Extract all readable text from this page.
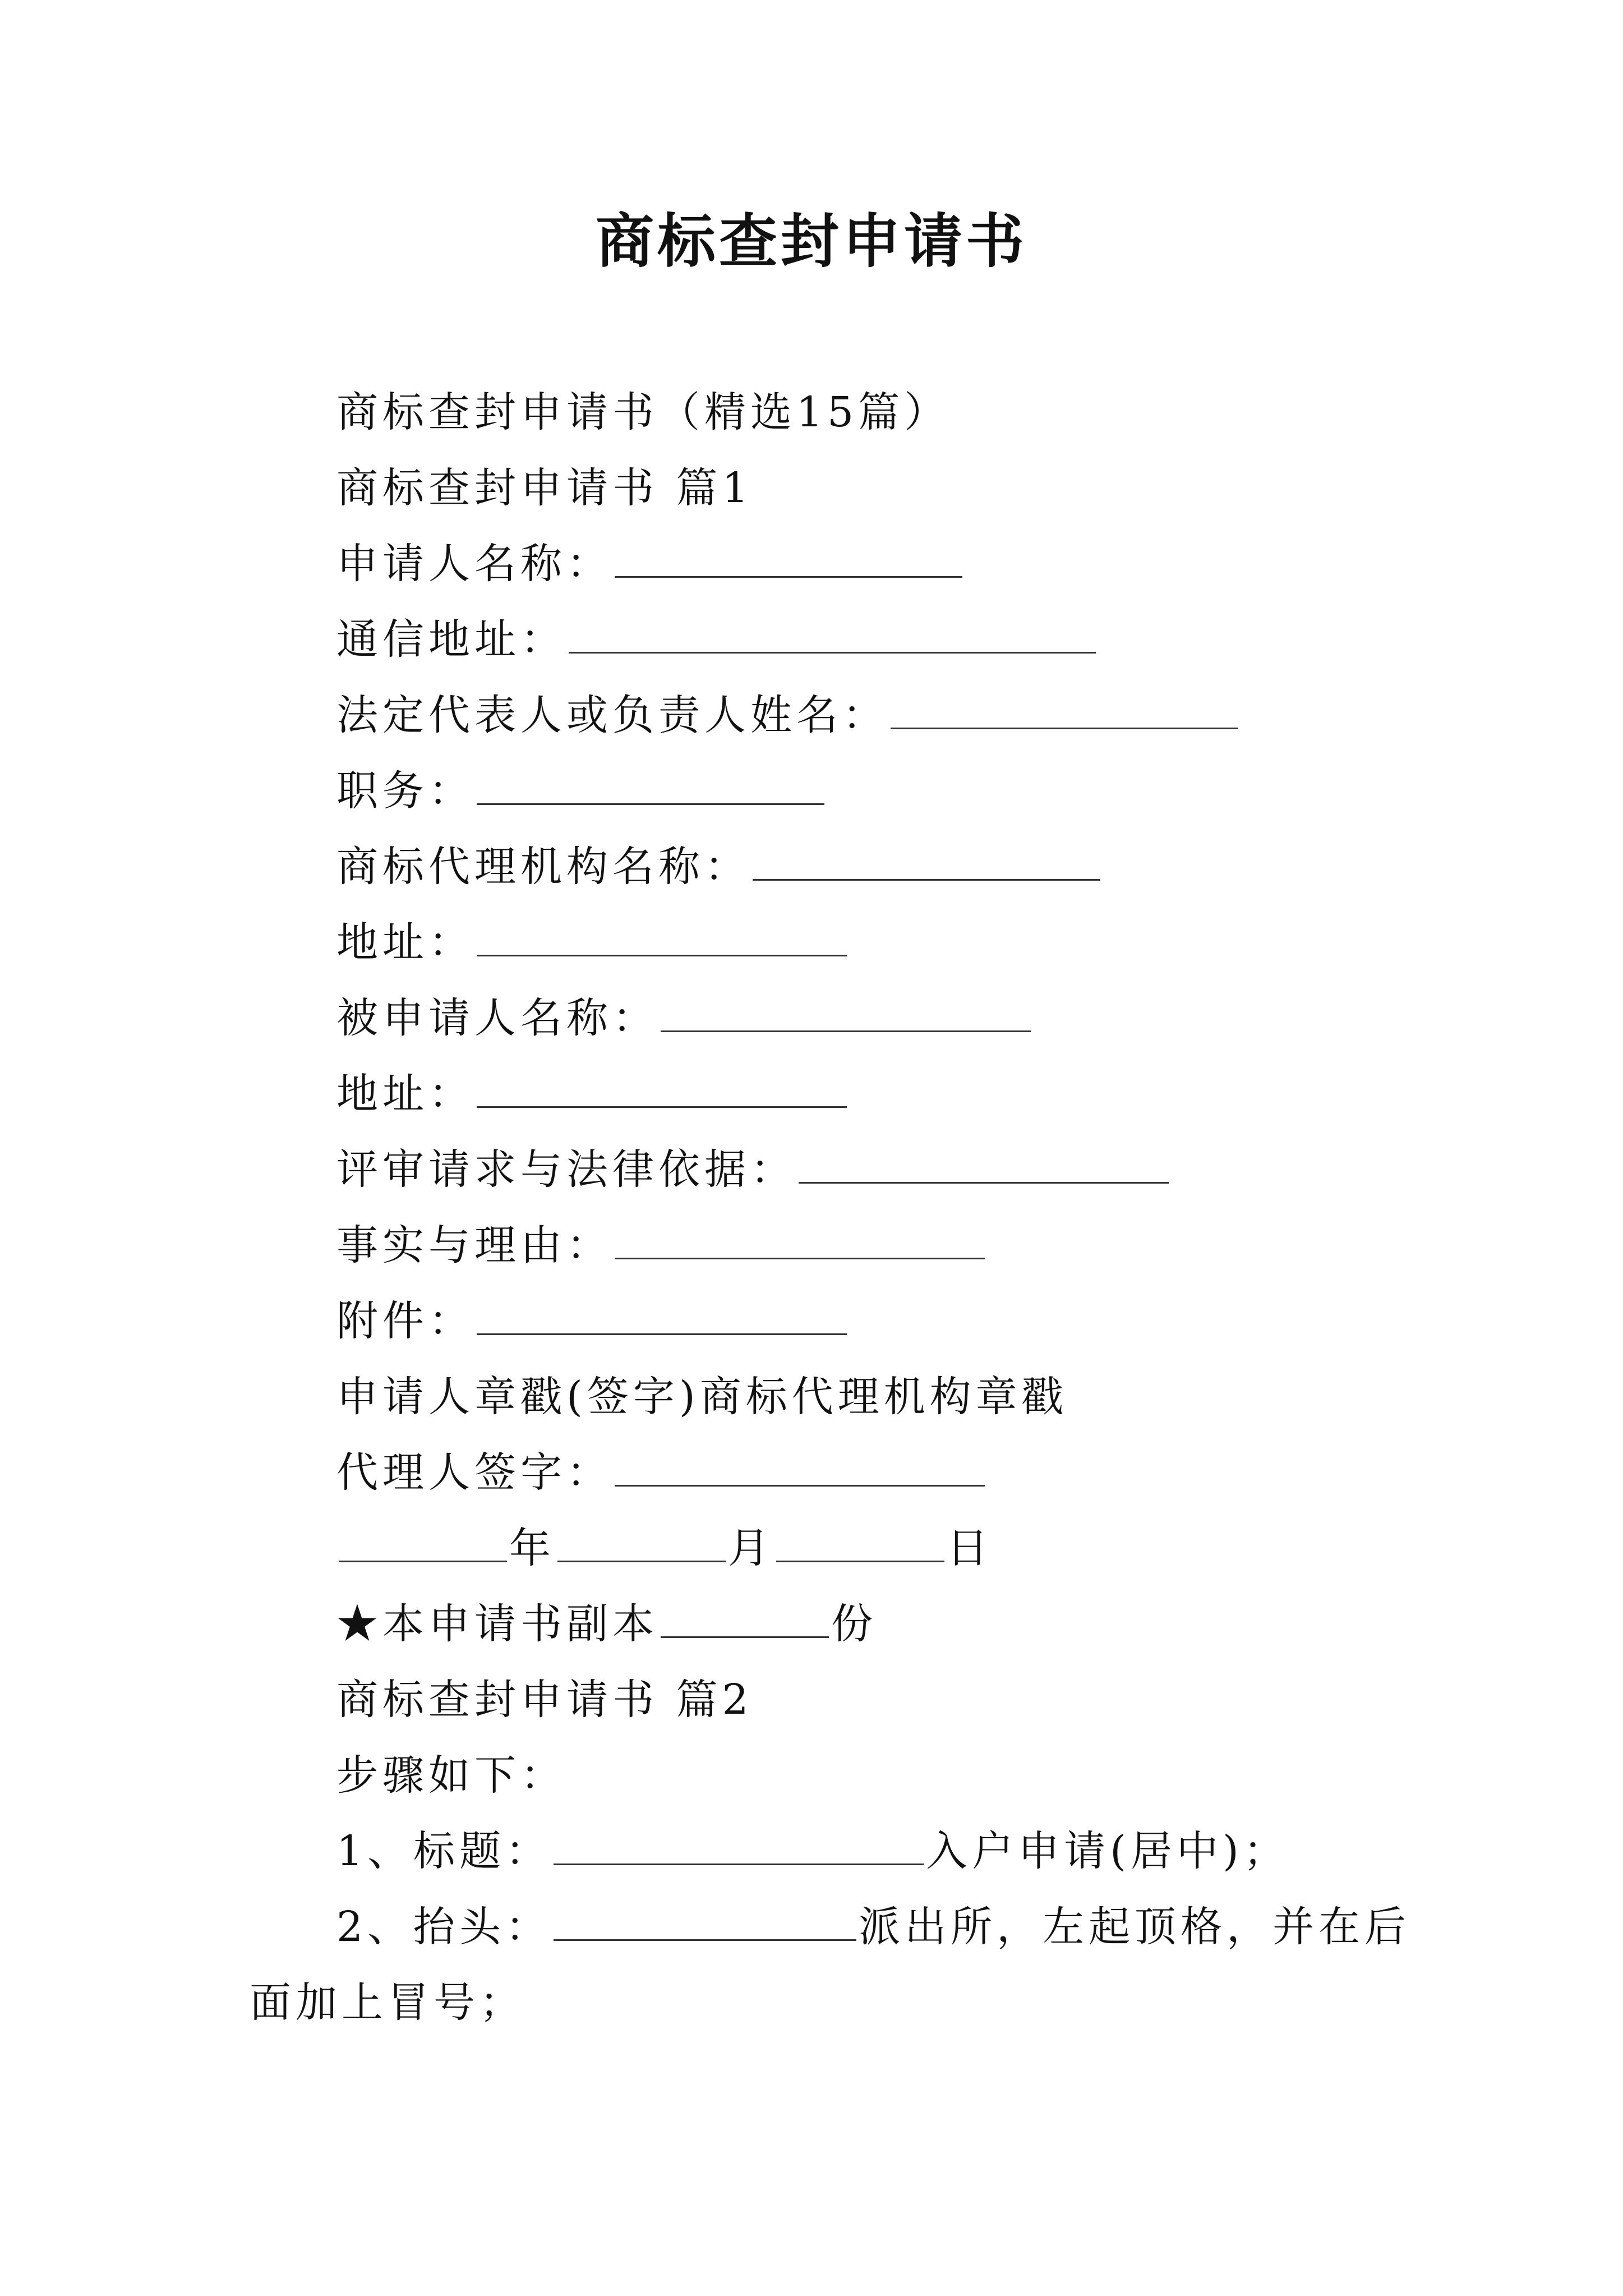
商标查封申请书
商标查封申请书（精选15篇）
商标查封申请书 篇1
申请人名称：
通信地址：
法定代表人或负责人姓名：
职务：
商标代理机构名称：
地址：
被申请人名称：
地址：
评审请求与法律依据：
事实与理由：
附件：
申请人章戳(签字)商标代理机构章戳
代理人签字：
年	月	日
★本申请书副本	份
商标查封申请书 篇2
步骤如下：
1、标题：	入户申请(居中)；
2、抬头：	派出所，左起顶格，并在后
面加上冒号；
